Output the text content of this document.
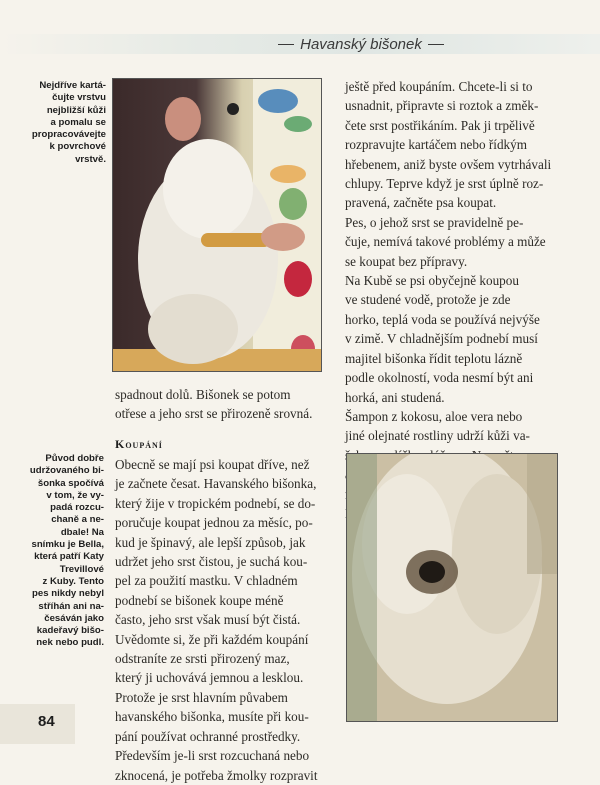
Havanský bišonek
Nejdříve kartá-
čujte vrstvu
nejbližší kůži
a pomalu se
propracovávejte
k povrchové
vrstvě.
spadnout dolů. Bišonek se potom
otřese a jeho srst se přirozeně srovná.
Původ dobře
udržovaného bi-
šonka spočívá
v tom, že vy-
padá rozcu-
chaně a ne-
dbale! Na
snímku je Bella,
která patří Katy
Trevillové
z Kuby. Tento
pes nikdy nebyl
stříhán ani na-
česáván jako
kadeřavý bišo-
nek nebo pudl.
Koupání
Obecně se mají psi koupat dříve, než
je začnete česat. Havanského bišonka,
který žije v tropickém podnebí, se do-
poručuje koupat jednou za měsíc, po-
kud je špinavý, ale lepší způsob, jak
udržet jeho srst čistou, je suchá kou-
pel za použití mastku. V chladném
podnebí se bišonek koupe méně
často, jeho srst však musí být čistá.
Uvědomte si, že při každém koupání
odstraníte ze srsti přirozený maz,
který ji uchovává jemnou a lesklou.
Protože je srst hlavním půvabem
havanského bišonka, musíte při kou-
pání používat ochranné prostředky.
Především je-li srst rozcuchaná nebo
zknocená, je potřeba žmolky rozpravit
ještě před koupáním. Chcete-li si to
usnadnit, připravte si roztok a změk-
čete srst postřikáním. Pak ji trpělivě
rozpravujte kartáčem nebo řídkým
hřebenem, aniž byste ovšem vytrhávali
chlupy. Teprve když je srst úplně roz-
pravená, začněte psa koupat.
Pes, o jehož srst se pravidelně pe-
čuje, nemívá takové problémy a může
se koupat bez přípravy.
Na Kubě se psi obyčejně koupou
ve studené vodě, protože je zde
horko, teplá voda se používá nejvýše
v zimě. V chladnějším podnebí musí
majitel bišonka řídit teplotu lázně
podle okolností, voda nesmí být ani
horká, ani studená.
Šampon z kokosu, aloe vera nebo
jiné olejnaté rostliny udrží kůži va-

84
